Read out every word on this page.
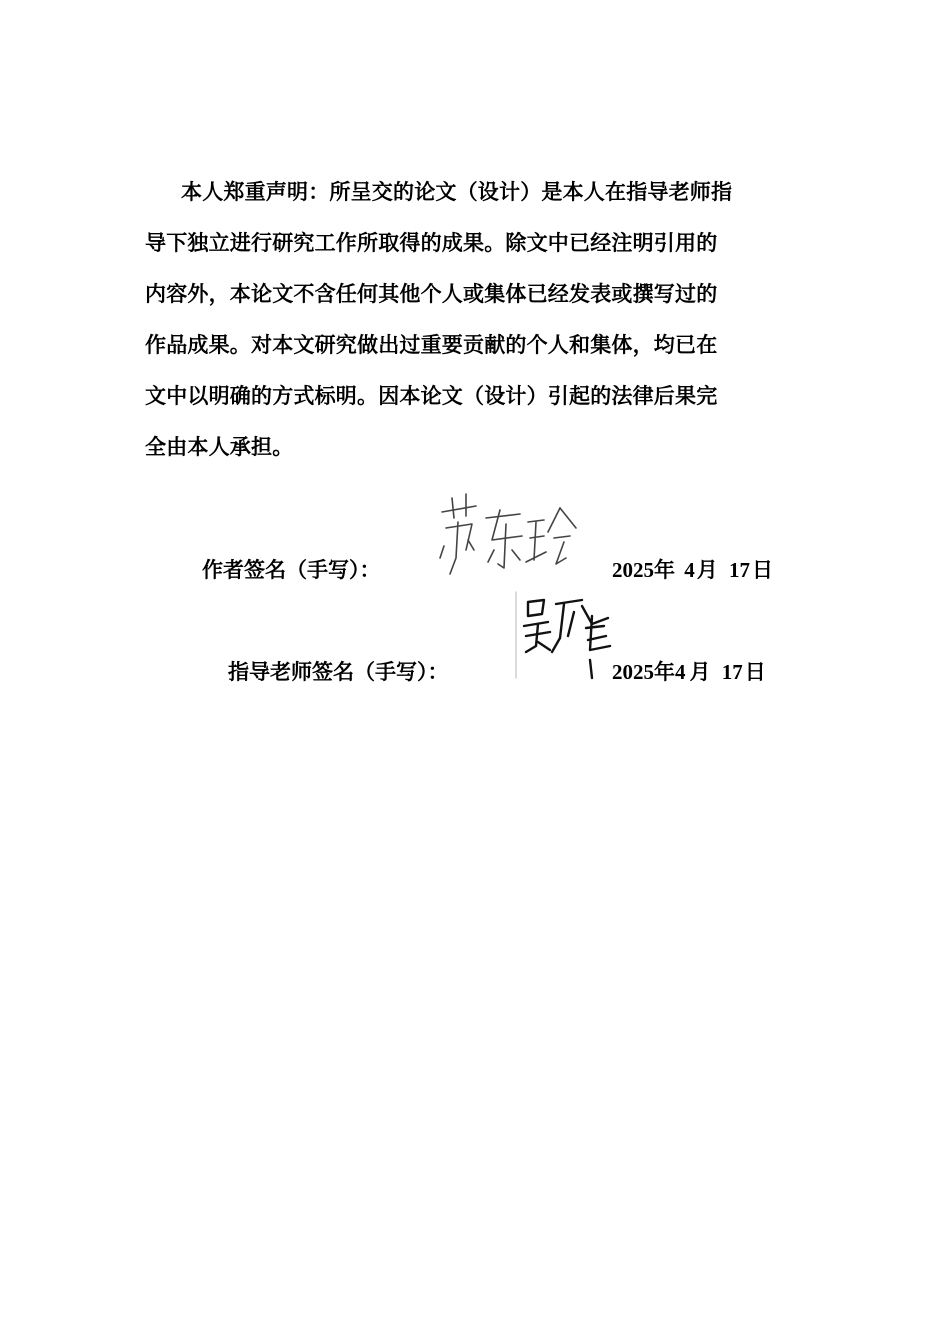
本人郑重声明：所呈交的论文（设计）是本人在指导老师指
导下独立进行研究工作所取得的成果。除文中已经注明引用的
内容外，本论文不含任何其他个人或集体已经发表或撰写过的
作品成果。对本文研究做出过重要贡献的个人和集体，均已在
文中以明确的方式标明。因本论文（设计）引起的法律后果完
全由本人承担。
作者签名（手写）：	2025年 4月 17日
指导老师签名（手写）：	2025年4 月 17日
